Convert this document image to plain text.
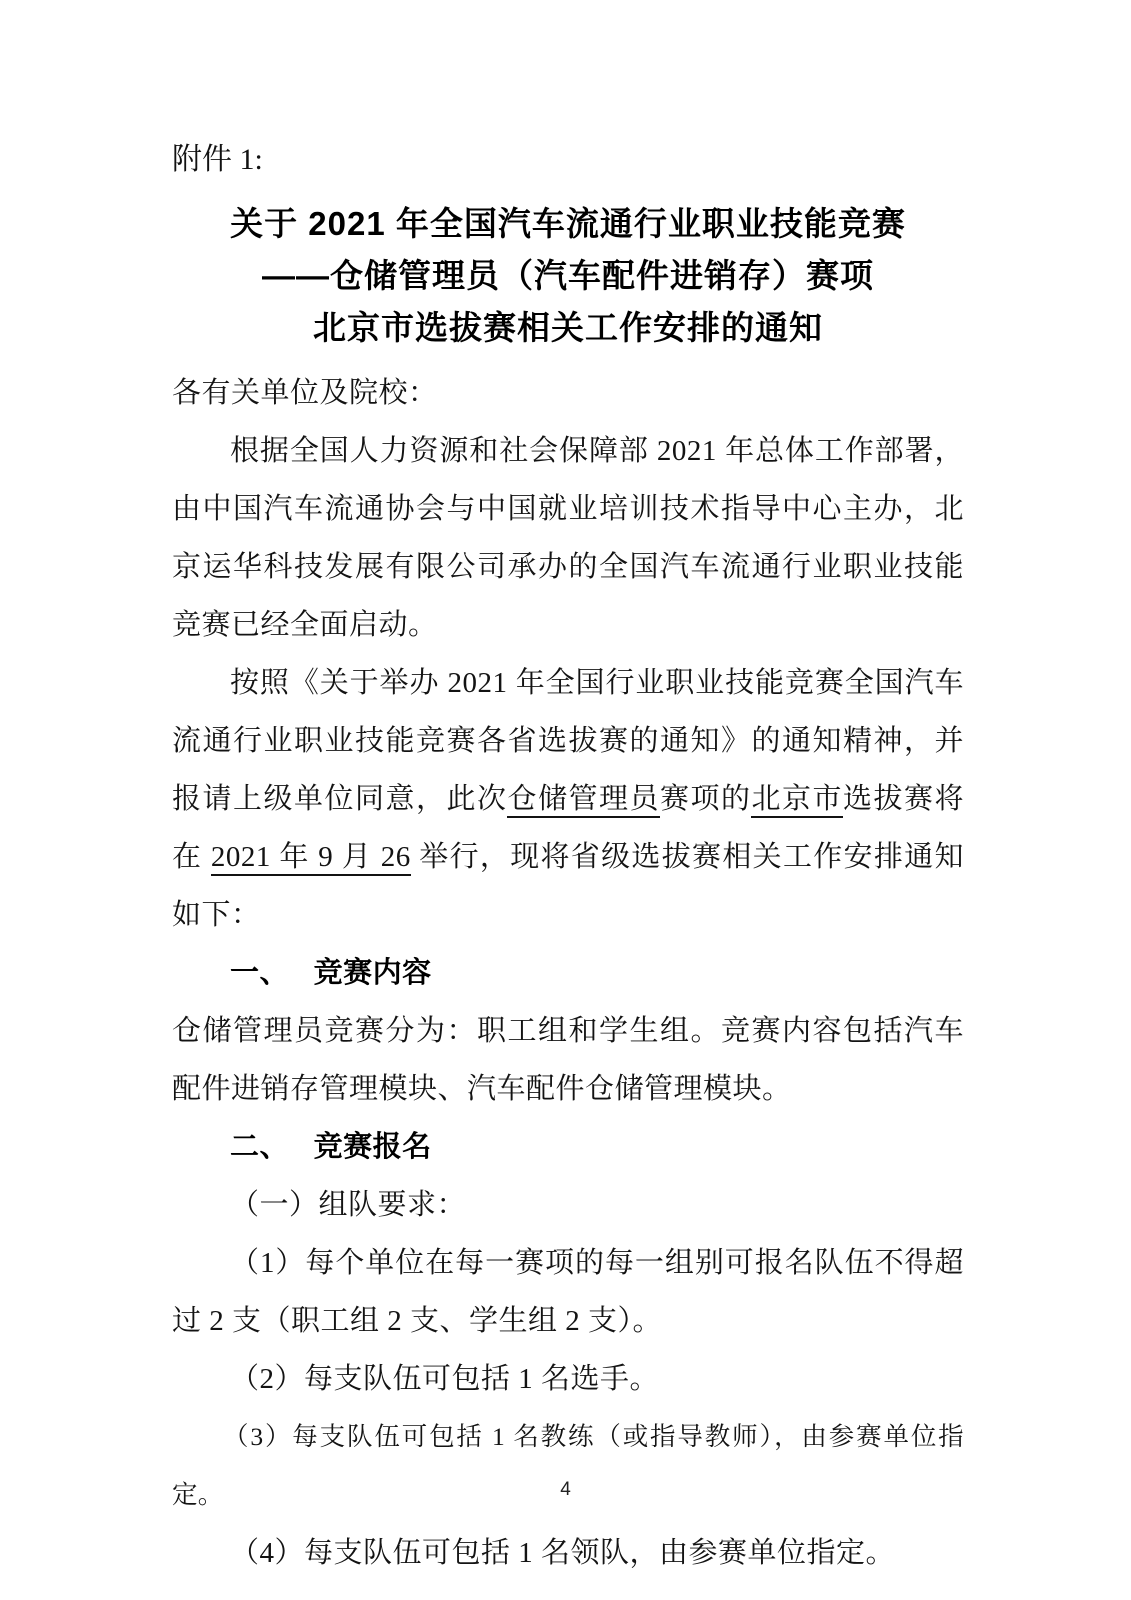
附件 1:
关于 2021 年全国汽车流通行业职业技能竞赛
——仓储管理员（汽车配件进销存）赛项
北京市选拔赛相关工作安排的通知

各有关单位及院校：

根据全国人力资源和社会保障部 2021 年总体工作部署，由中国汽车流通协会与中国就业培训技术指导中心主办，北京运华科技发展有限公司承办的全国汽车流通行业职业技能竞赛已经全面启动。

按照《关于举办 2021 年全国行业职业技能竞赛全国汽车流通行业职业技能竞赛各省选拔赛的通知》的通知精神，并报请上级单位同意，此次仓储管理员赛项的北京市选拔赛将在 2021 年 9 月 26 举行，现将省级选拔赛相关工作安排通知如下：

一、 竞赛内容

仓储管理员竞赛分为：职工组和学生组。竞赛内容包括汽车配件进销存管理模块、汽车配件仓储管理模块。

二、 竞赛报名

（一）组队要求：

（1）每个单位在每一赛项的每一组别可报名队伍不得超过 2 支（职工组 2 支、学生组 2 支）。

（2）每支队伍可包括 1 名选手。

（3）每支队伍可包括 1 名教练（或指导教师），由参赛单位指定。

（4）每支队伍可包括 1 名领队，由参赛单位指定。

4
